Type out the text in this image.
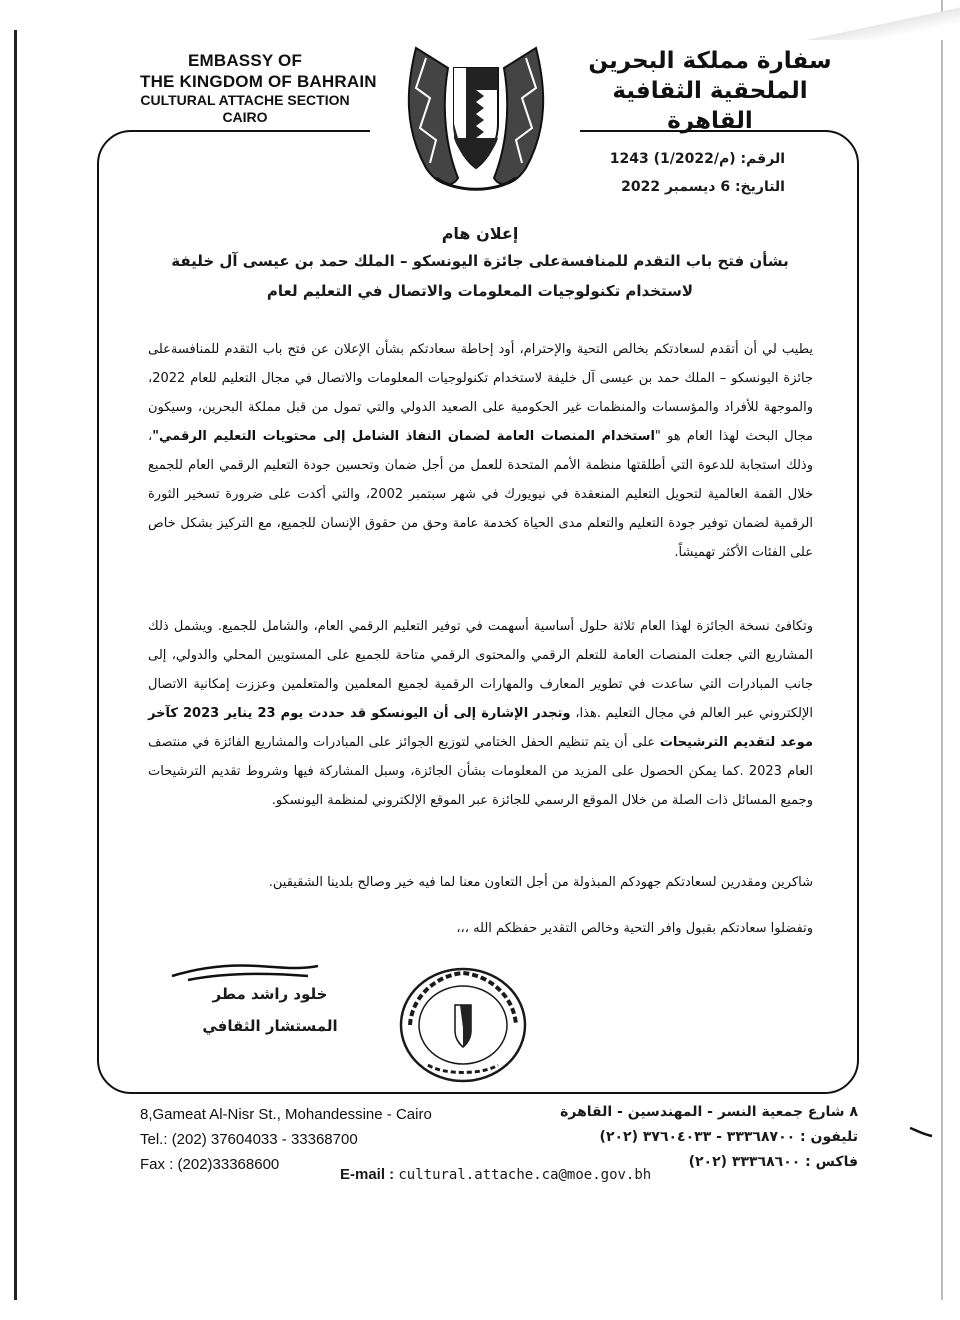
EMBASSY OF
THE KINGDOM OF BAHRAIN
CULTURAL ATTACHE SECTION
CAIRO
سفارة مملكة البحرين
الملحقية الثقافية
القاهرة
الرقم: 1243 (1/م/2022)
التاريخ: 6 ديسمبر 2022
إعلان هام
بشأن فتح باب التقدم للمنافسةعلى جائزة اليونسكو – الملك حمد بن عيسى آل خليفة
لاستخدام تكنولوجيات المعلومات والاتصال في التعليم لعام
يطيب لي أن أتقدم لسعادتكم بخالص التحية والإحترام، أود إحاطة سعادتكم بشأن الإعلان عن فتح باب التقدم للمنافسةعلى جائزة اليونسكو – الملك حمد بن عيسى آل خليفة لاستخدام تكنولوجيات المعلومات والاتصال في مجال التعليم للعام 2022، والموجهة للأفراد والمؤسسات والمنظمات غير الحكومية على الصعيد الدولي والتي تمول من قبل مملكة البحرين، وسيكون مجال البحث لهذا العام هو "استخدام المنصات العامة لضمان النفاذ الشامل إلى محتويات التعليم الرقمي"، وذلك استجابة للدعوة التي أطلقتها منظمة الأمم المتحدة للعمل من أجل ضمان وتحسين جودة التعليم الرقمي العام للجميع خلال القمة العالمية لتحويل التعليم المنعقدة في نيويورك في شهر سبتمبر 2002، والتي أكدت على ضرورة تسخير الثورة الرقمية لضمان توفير جودة التعليم والتعلم مدى الحياة كخدمة عامة وحق من حقوق الإنسان للجميع، مع التركيز بشكل خاص على الفئات الأكثر تهميشاً.
وتكافئ نسخة الجائزة لهذا العام ثلاثة حلول أساسية أسهمت في توفير التعليم الرقمي العام، والشامل للجميع. ويشمل ذلك المشاريع التي جعلت المنصات العامة للتعلم الرقمي والمحتوى الرقمي متاحة للجميع على المستويين المحلي والدولي، إلى جانب المبادرات التي ساعدت في تطوير المعارف والمهارات الرقمية لجميع المعلمين والمتعلمين وعززت إمكانية الاتصال الإلكتروني عبر العالم في مجال التعليم .هذا، وتجدر الإشارة إلى أن اليونسكو قد حددت يوم 23 يناير 2023 كآخر موعد لتقديم الترشيحات على أن يتم تنظيم الحفل الختامي لتوزيع الجوائز على المبادرات والمشاريع الفائزة في منتصف العام 2023 .كما يمكن الحصول على المزيد من المعلومات بشأن الجائزة، وسبل المشاركة فيها وشروط تقديم الترشيحات وجميع المسائل ذات الصلة من خلال الموقع الرسمي للجائزة عبر الموقع الإلكتروني لمنظمة اليونسكو.
شاكرين ومقدرين لسعادتكم جهودكم المبذولة من أجل التعاون معنا لما فيه خير وصالح بلدينا الشقيقين.
وتفضلوا سعادتكم بقبول وافر التحية وخالص التقدير حفظكم الله ،،،
خلود راشد مطر
المستشار الثقافي
8,Gameat Al-Nisr St., Mohandessine - Cairo
Tel.: (202) 37604033 - 33368700
Fax : (202)33368600
٨ شارع جمعية النسر - المهندسين - القاهرة
تليفون : ٣٣٣٦٨٧٠٠ - ٣٧٦٠٤٠٣٣ (٢٠٢)
فاكس : ٣٣٣٦٨٦٠٠ (٢٠٢)
E-mail : cultural.attache.ca@moe.gov.bh
